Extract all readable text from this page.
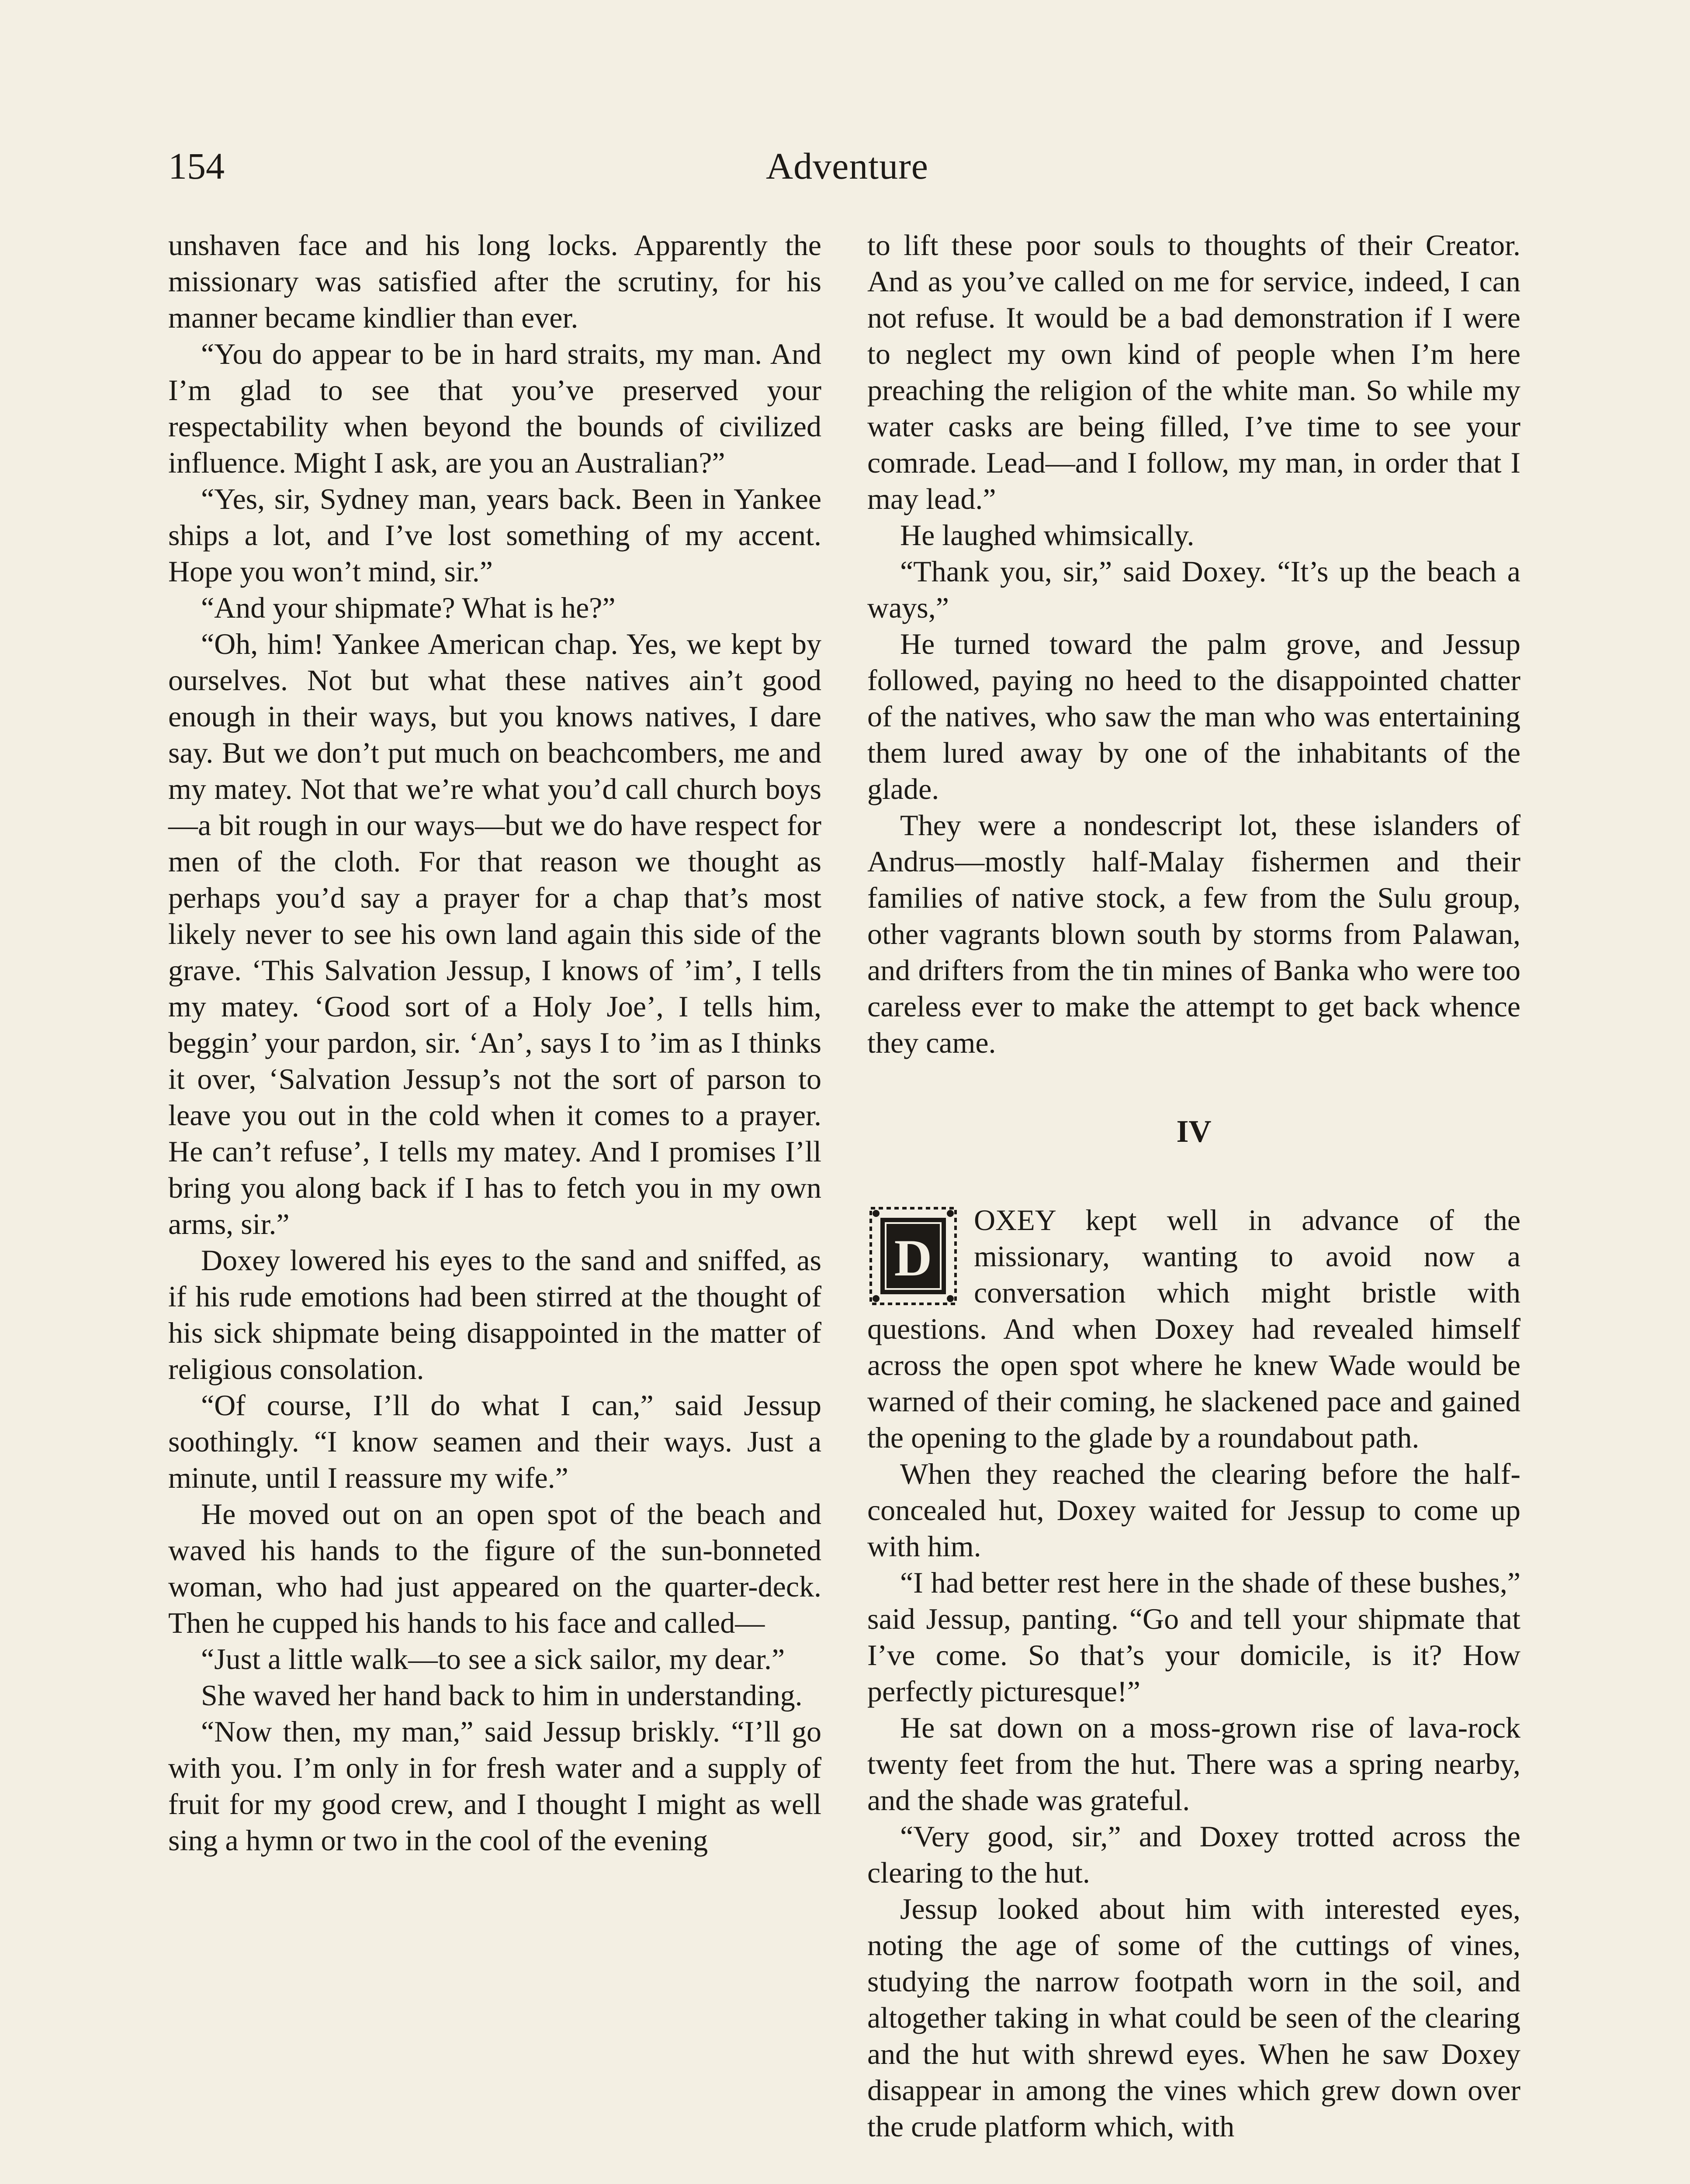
154	Adventure

unshaven face and his long locks. Apparently the missionary was satisfied after the scrutiny, for his manner became kindlier than ever.

“You do appear to be in hard straits, my man. And I’m glad to see that you’ve preserved your respectability when beyond the bounds of civilized influence. Might I ask, are you an Australian?”

“Yes, sir, Sydney man, years back. Been in Yankee ships a lot, and I’ve lost something of my accent. Hope you won’t mind, sir.”

“And your shipmate? What is he?”

“Oh, him! Yankee American chap. Yes, we kept by ourselves. Not but what these natives ain’t good enough in their ways, but you knows natives, I dare say. But we don’t put much on beachcombers, me and my matey. Not that we’re what you’d call church boys—a bit rough in our ways—but we do have respect for men of the cloth. For that reason we thought as perhaps you’d say a prayer for a chap that’s most likely never to see his own land again this side of the grave. ‘This Salvation Jessup, I knows of ’im’, I tells my matey. ‘Good sort of a Holy Joe’, I tells him, beggin’ your pardon, sir. ‘An’, says I to ’im as I thinks it over, ‘Salvation Jessup’s not the sort of parson to leave you out in the cold when it comes to a prayer. He can’t refuse’, I tells my matey. And I promises I’ll bring you along back if I has to fetch you in my own arms, sir.”

Doxey lowered his eyes to the sand and sniffed, as if his rude emotions had been stirred at the thought of his sick shipmate being disappointed in the matter of religious consolation.

“Of course, I’ll do what I can,” said Jessup soothingly. “I know seamen and their ways. Just a minute, until I reassure my wife.”

He moved out on an open spot of the beach and waved his hands to the figure of the sun-bonneted woman, who had just appeared on the quarter-deck. Then he cupped his hands to his face and called—

“Just a little walk—to see a sick sailor, my dear.”

She waved her hand back to him in understanding.

“Now then, my man,” said Jessup briskly. “I’ll go with you. I’m only in for fresh water and a supply of fruit for my good crew, and I thought I might as well sing a hymn or two in the cool of the evening

to lift these poor souls to thoughts of their Creator. And as you’ve called on me for service, indeed, I can not refuse. It would be a bad demonstration if I were to neglect my own kind of people when I’m here preaching the religion of the white man. So while my water casks are being filled, I’ve time to see your comrade. Lead—and I follow, my man, in order that I may lead.”

He laughed whimsically.

“Thank you, sir,” said Doxey. “It’s up the beach a ways,”

He turned toward the palm grove, and Jessup followed, paying no heed to the disappointed chatter of the natives, who saw the man who was entertaining them lured away by one of the inhabitants of the glade.

They were a nondescript lot, these islanders of Andrus—mostly half-Malay fishermen and their families of native stock, a few from the Sulu group, other vagrants blown south by storms from Palawan, and drifters from the tin mines of Banka who were too careless ever to make the attempt to get back whence they came.

IV

D
OXEY kept well in advance of the missionary, wanting to avoid now a conversation which might bristle with questions. And when Doxey had revealed himself across the open spot where he knew Wade would be warned of their coming, he slackened pace and gained the opening to the glade by a roundabout path.

When they reached the clearing before the half-concealed hut, Doxey waited for Jessup to come up with him.

“I had better rest here in the shade of these bushes,” said Jessup, panting. “Go and tell your shipmate that I’ve come. So that’s your domicile, is it? How perfectly picturesque!”

He sat down on a moss-grown rise of lava-rock twenty feet from the hut. There was a spring nearby, and the shade was grateful.

“Very good, sir,” and Doxey trotted across the clearing to the hut.

Jessup looked about him with interested eyes, noting the age of some of the cuttings of vines, studying the narrow footpath worn in the soil, and altogether taking in what could be seen of the clearing and the hut with shrewd eyes. When he saw Doxey disappear in among the vines which grew down over the crude platform which, with
